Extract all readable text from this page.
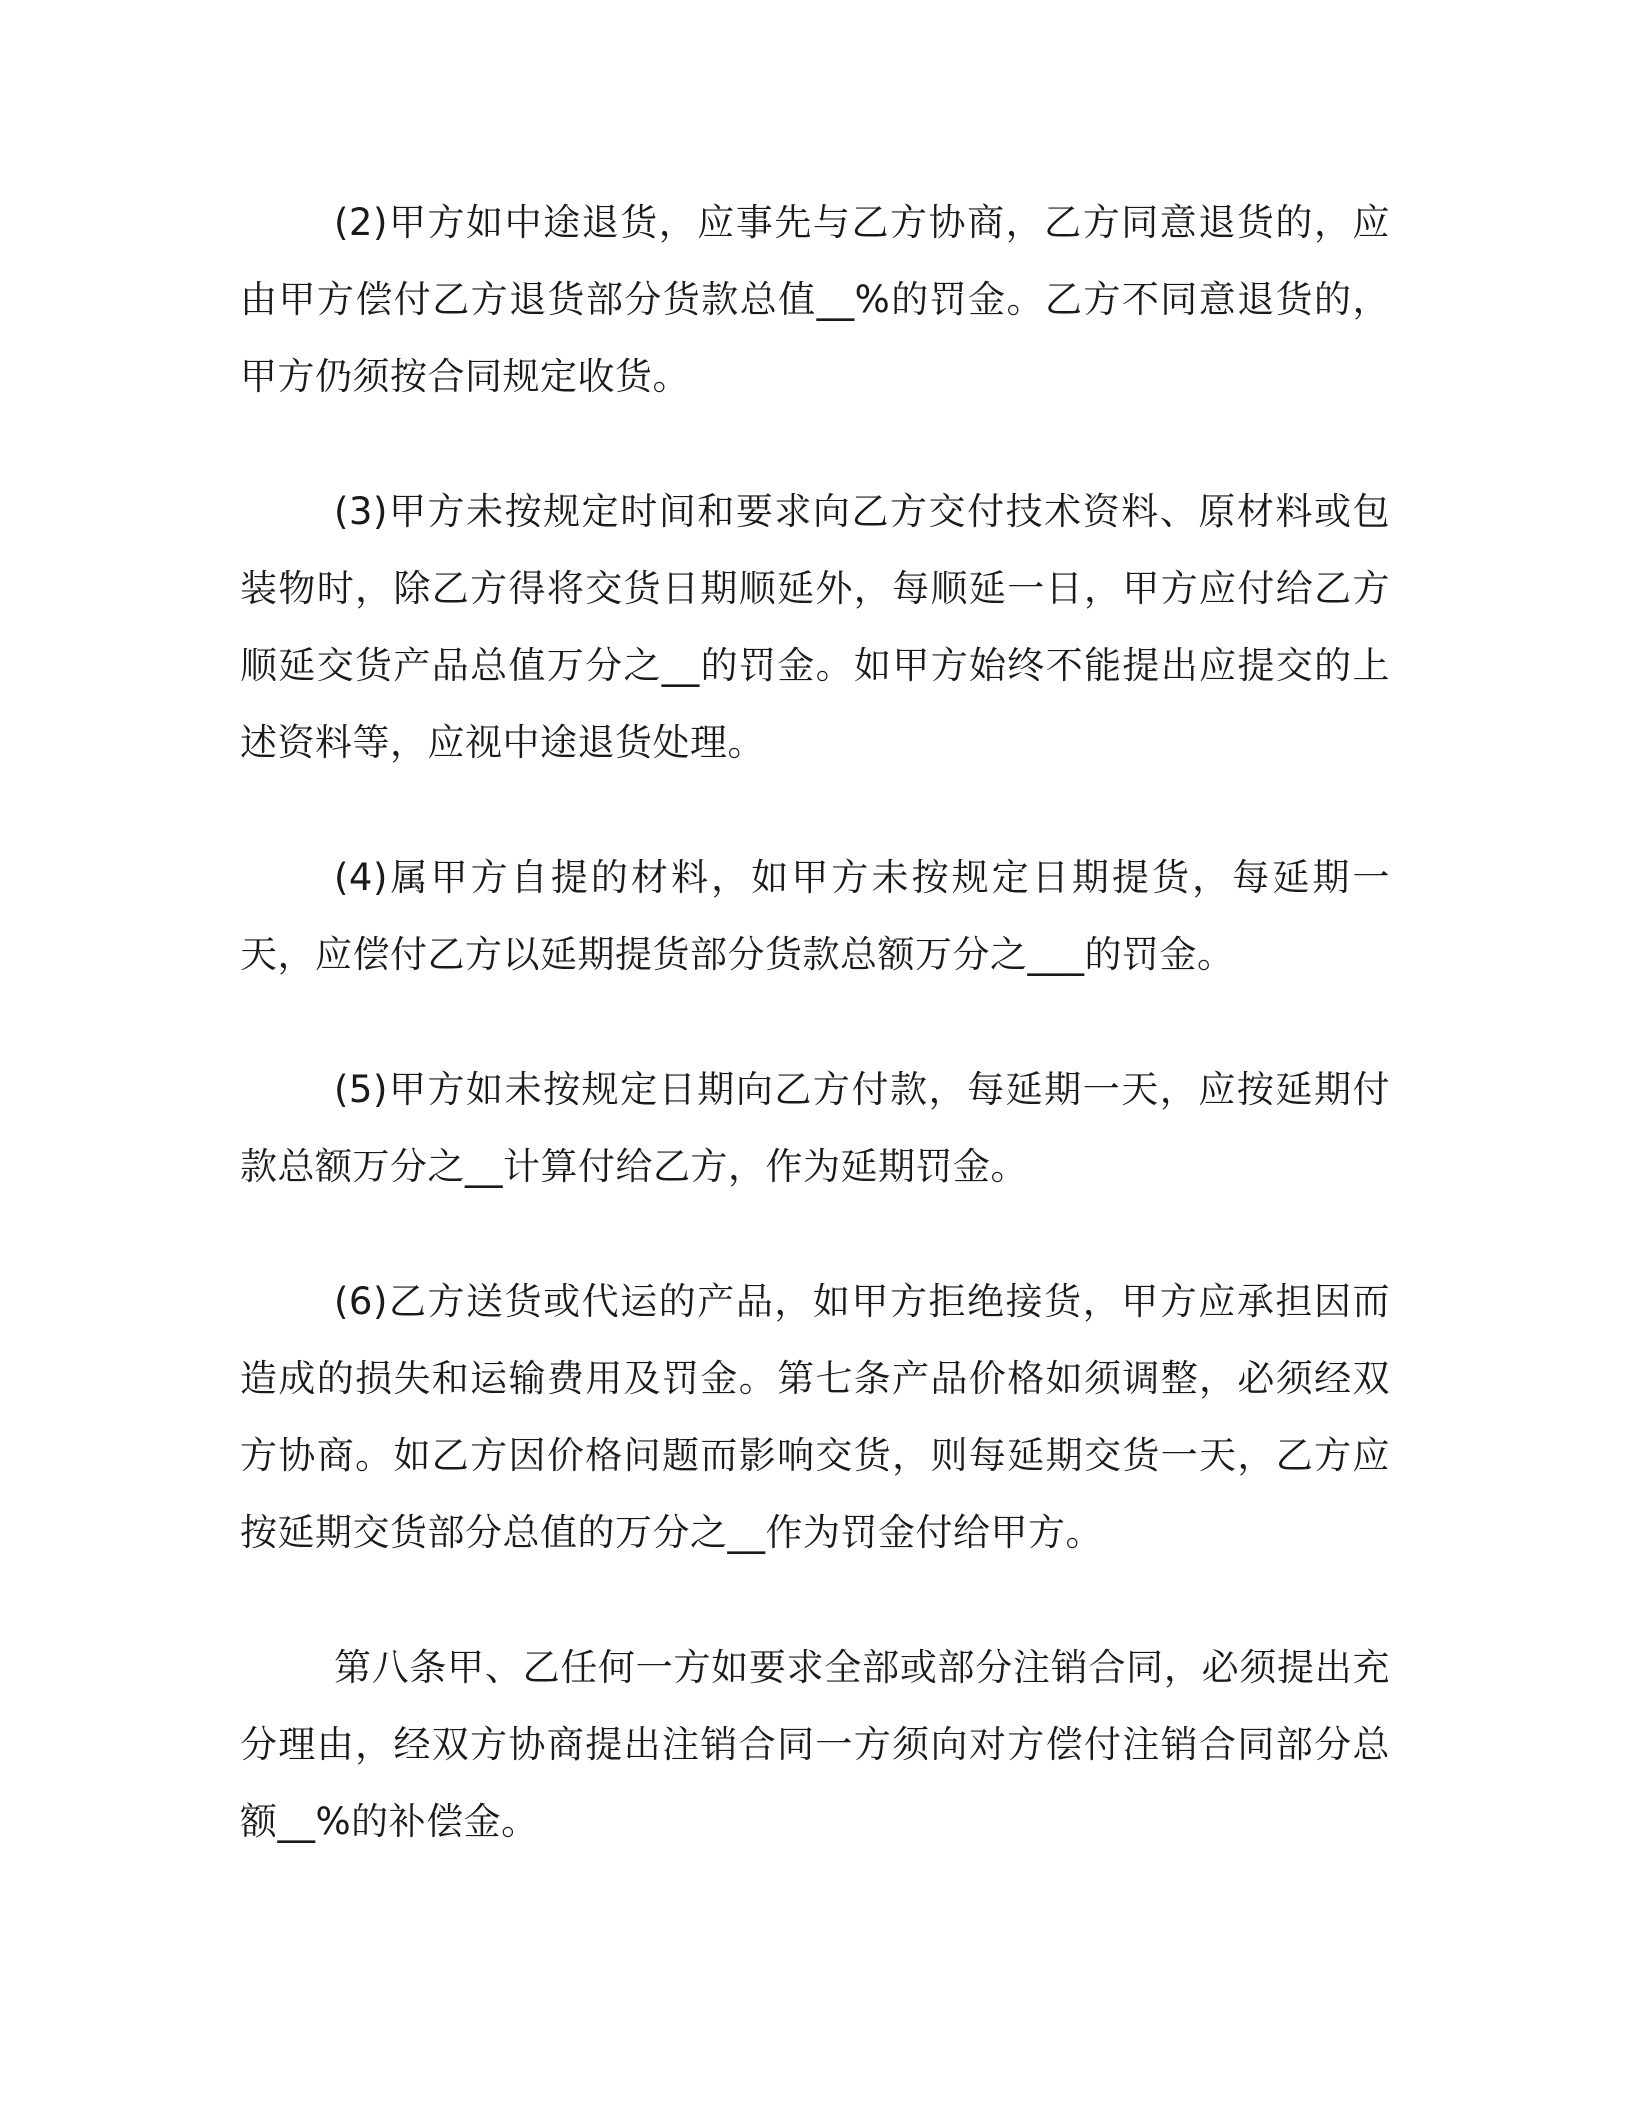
(2)甲方如中途退货，应事先与乙方协商，乙方同意退货的，应由甲方偿付乙方退货部分货款总值__%的罚金。乙方不同意退货的，甲方仍须按合同规定收货。

(3)甲方未按规定时间和要求向乙方交付技术资料、原材料或包装物时，除乙方得将交货日期顺延外，每顺延一日，甲方应付给乙方顺延交货产品总值万分之__的罚金。如甲方始终不能提出应提交的上述资料等，应视中途退货处理。

(4)属甲方自提的材料，如甲方未按规定日期提货，每延期一天，应偿付乙方以延期提货部分货款总额万分之___的罚金。

(5)甲方如未按规定日期向乙方付款，每延期一天，应按延期付款总额万分之__计算付给乙方，作为延期罚金。

(6)乙方送货或代运的产品，如甲方拒绝接货，甲方应承担因而造成的损失和运输费用及罚金。第七条产品价格如须调整，必须经双方协商。如乙方因价格问题而影响交货，则每延期交货一天，乙方应按延期交货部分总值的万分之__作为罚金付给甲方。

第八条甲、乙任何一方如要求全部或部分注销合同，必须提出充分理由，经双方协商提出注销合同一方须向对方偿付注销合同部分总额__%的补偿金。
